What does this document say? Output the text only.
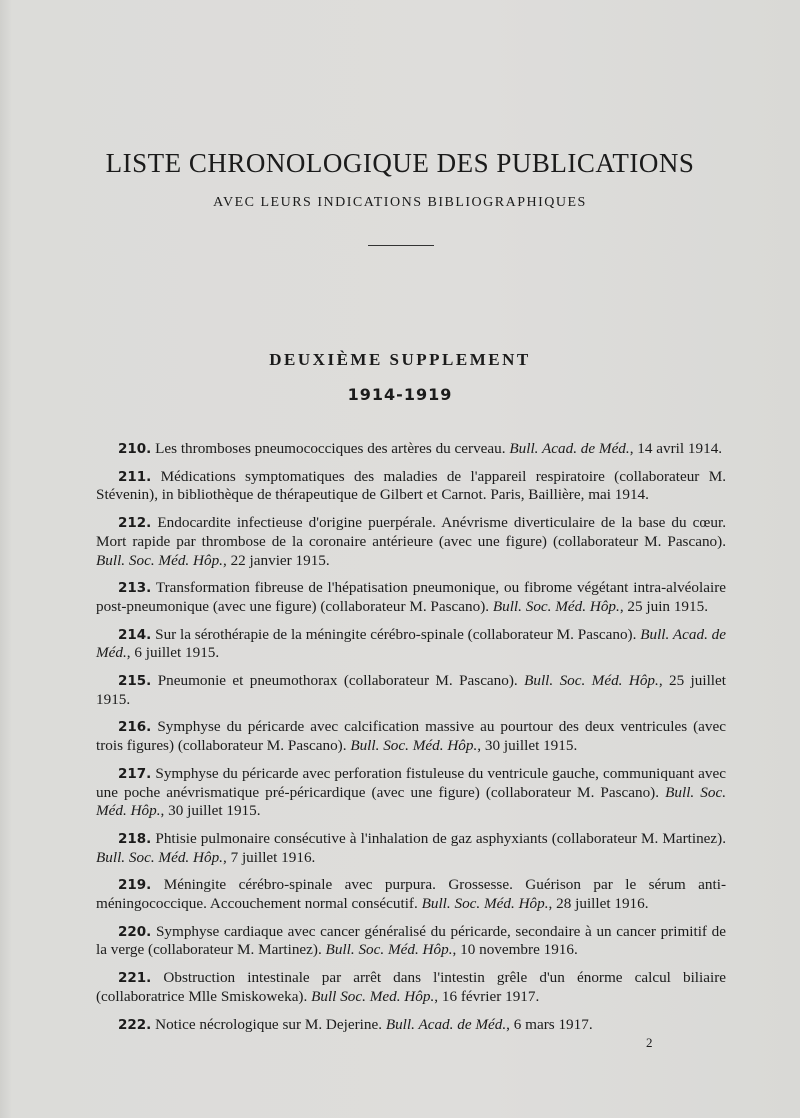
LISTE CHRONOLOGIQUE DES PUBLICATIONS
AVEC LEURS INDICATIONS BIBLIOGRAPHIQUES
DEUXIÈME SUPPLEMENT
1914-1919

210. Les thromboses pneumococciques des artères du cerveau. Bull. Acad. de Méd., 14 avril 1914.

211. Médications symptomatiques des maladies de l'appareil respiratoire (collaborateur M. Stévenin), in bibliothèque de thérapeutique de Gilbert et Carnot. Paris, Baillière, mai 1914.

212. Endocardite infectieuse d'origine puerpérale. Anévrisme diverticulaire de la base du cœur. Mort rapide par thrombose de la coronaire antérieure (avec une figure) (collaborateur M. Pascano). Bull. Soc. Méd. Hôp., 22 janvier 1915.

213. Transformation fibreuse de l'hépatisation pneumonique, ou fibrome végétant intra-alvéolaire post-pneumonique (avec une figure) (collaborateur M. Pascano). Bull. Soc. Méd. Hôp., 25 juin 1915.

214. Sur la sérothérapie de la méningite cérébro-spinale (collaborateur M. Pascano). Bull. Acad. de Méd., 6 juillet 1915.

215. Pneumonie et pneumothorax (collaborateur M. Pascano). Bull. Soc. Méd. Hôp., 25 juillet 1915.

216. Symphyse du péricarde avec calcification massive au pourtour des deux ventricules (avec trois figures) (collaborateur M. Pascano). Bull. Soc. Méd. Hôp., 30 juillet 1915.

217. Symphyse du péricarde avec perforation fistuleuse du ventricule gauche, communiquant avec une poche anévrismatique pré-péricardique (avec une figure) (collaborateur M. Pascano). Bull. Soc. Méd. Hôp., 30 juillet 1915.

218. Phtisie pulmonaire consécutive à l'inhalation de gaz asphyxiants (collaborateur M. Martinez). Bull. Soc. Méd. Hôp., 7 juillet 1916.

219. Méningite cérébro-spinale avec purpura. Grossesse. Guérison par le sérum anti-méningococcique. Accouchement normal consécutif. Bull. Soc. Méd. Hôp., 28 juillet 1916.

220. Symphyse cardiaque avec cancer généralisé du péricarde, secondaire à un cancer primitif de la verge (collaborateur M. Martinez). Bull. Soc. Méd. Hôp., 10 novembre 1916.

221. Obstruction intestinale par arrêt dans l'intestin grêle d'un énorme calcul biliaire (collaboratrice Mlle Smiskoweka). Bull Soc. Med. Hôp., 16 février 1917.

222. Notice nécrologique sur M. Dejerine. Bull. Acad. de Méd., 6 mars 1917.

2
